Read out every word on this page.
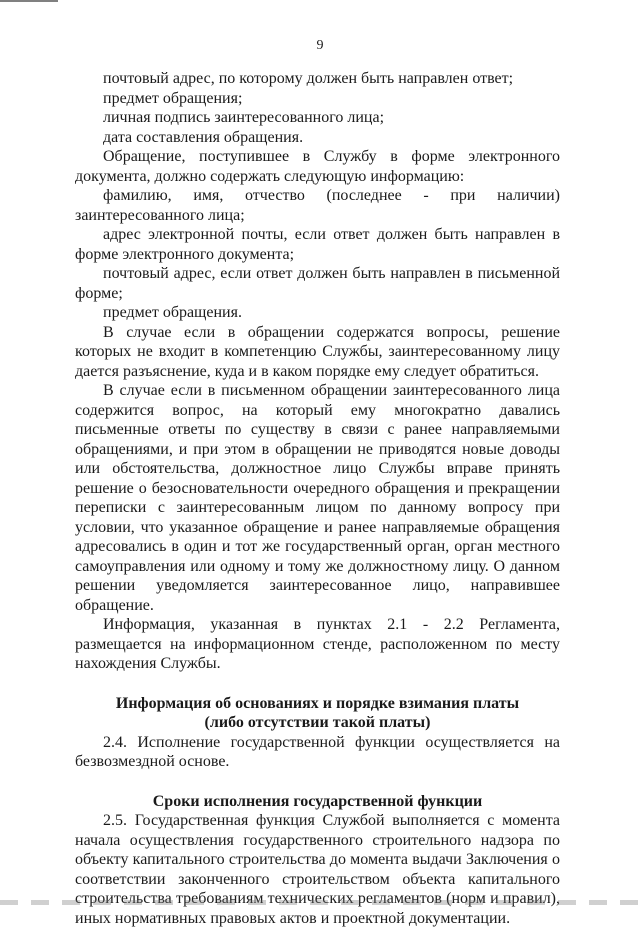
9

почтовый адрес, по которому должен быть направлен ответ;

предмет обращения;

личная подпись заинтересованного лица;

дата составления обращения.

Обращение, поступившее в Службу в форме электронного документа, должно содержать следующую информацию:

фамилию, имя, отчество (последнее - при наличии) заинтересованного лица;

адрес электронной почты, если ответ должен быть направлен в форме электронного документа;

почтовый адрес, если ответ должен быть направлен в письменной форме;

предмет обращения.

В случае если в обращении содержатся вопросы, решение которых не входит в компетенцию Службы, заинтересованному лицу дается разъяснение, куда и в каком порядке ему следует обратиться.

В случае если в письменном обращении заинтересованного лица содержится вопрос, на который ему многократно давались письменные ответы по существу в связи с ранее направляемыми обращениями, и при этом в обращении не приводятся новые доводы или обстоятельства, должностное лицо Службы вправе принять решение о безосновательности очередного обращения и прекращении переписки с заинтересованным лицом по данному вопросу при условии, что указанное обращение и ранее направляемые обращения адресовались в один и тот же государственный орган, орган местного самоуправления или одному и тому же должностному лицу. О данном решении уведомляется заинтересованное лицо, направившее обращение.

Информация, указанная в пунктах 2.1 - 2.2 Регламента, размещается на информационном стенде, расположенном по месту нахождения Службы.

Информация об основаниях и порядке взимания платы

(либо отсутствии такой платы)

2.4. Исполнение государственной функции осуществляется на безвозмездной основе.

Сроки исполнения государственной функции

2.5. Государственная функция Службой выполняется с момента начала осуществления государственного строительного надзора по объекту капитального строительства до момента выдачи Заключения о соответствии законченного строительством объекта капитального строительства требованиям технических регламентов (норм и правил), иных нормативных правовых актов и проектной документации.
